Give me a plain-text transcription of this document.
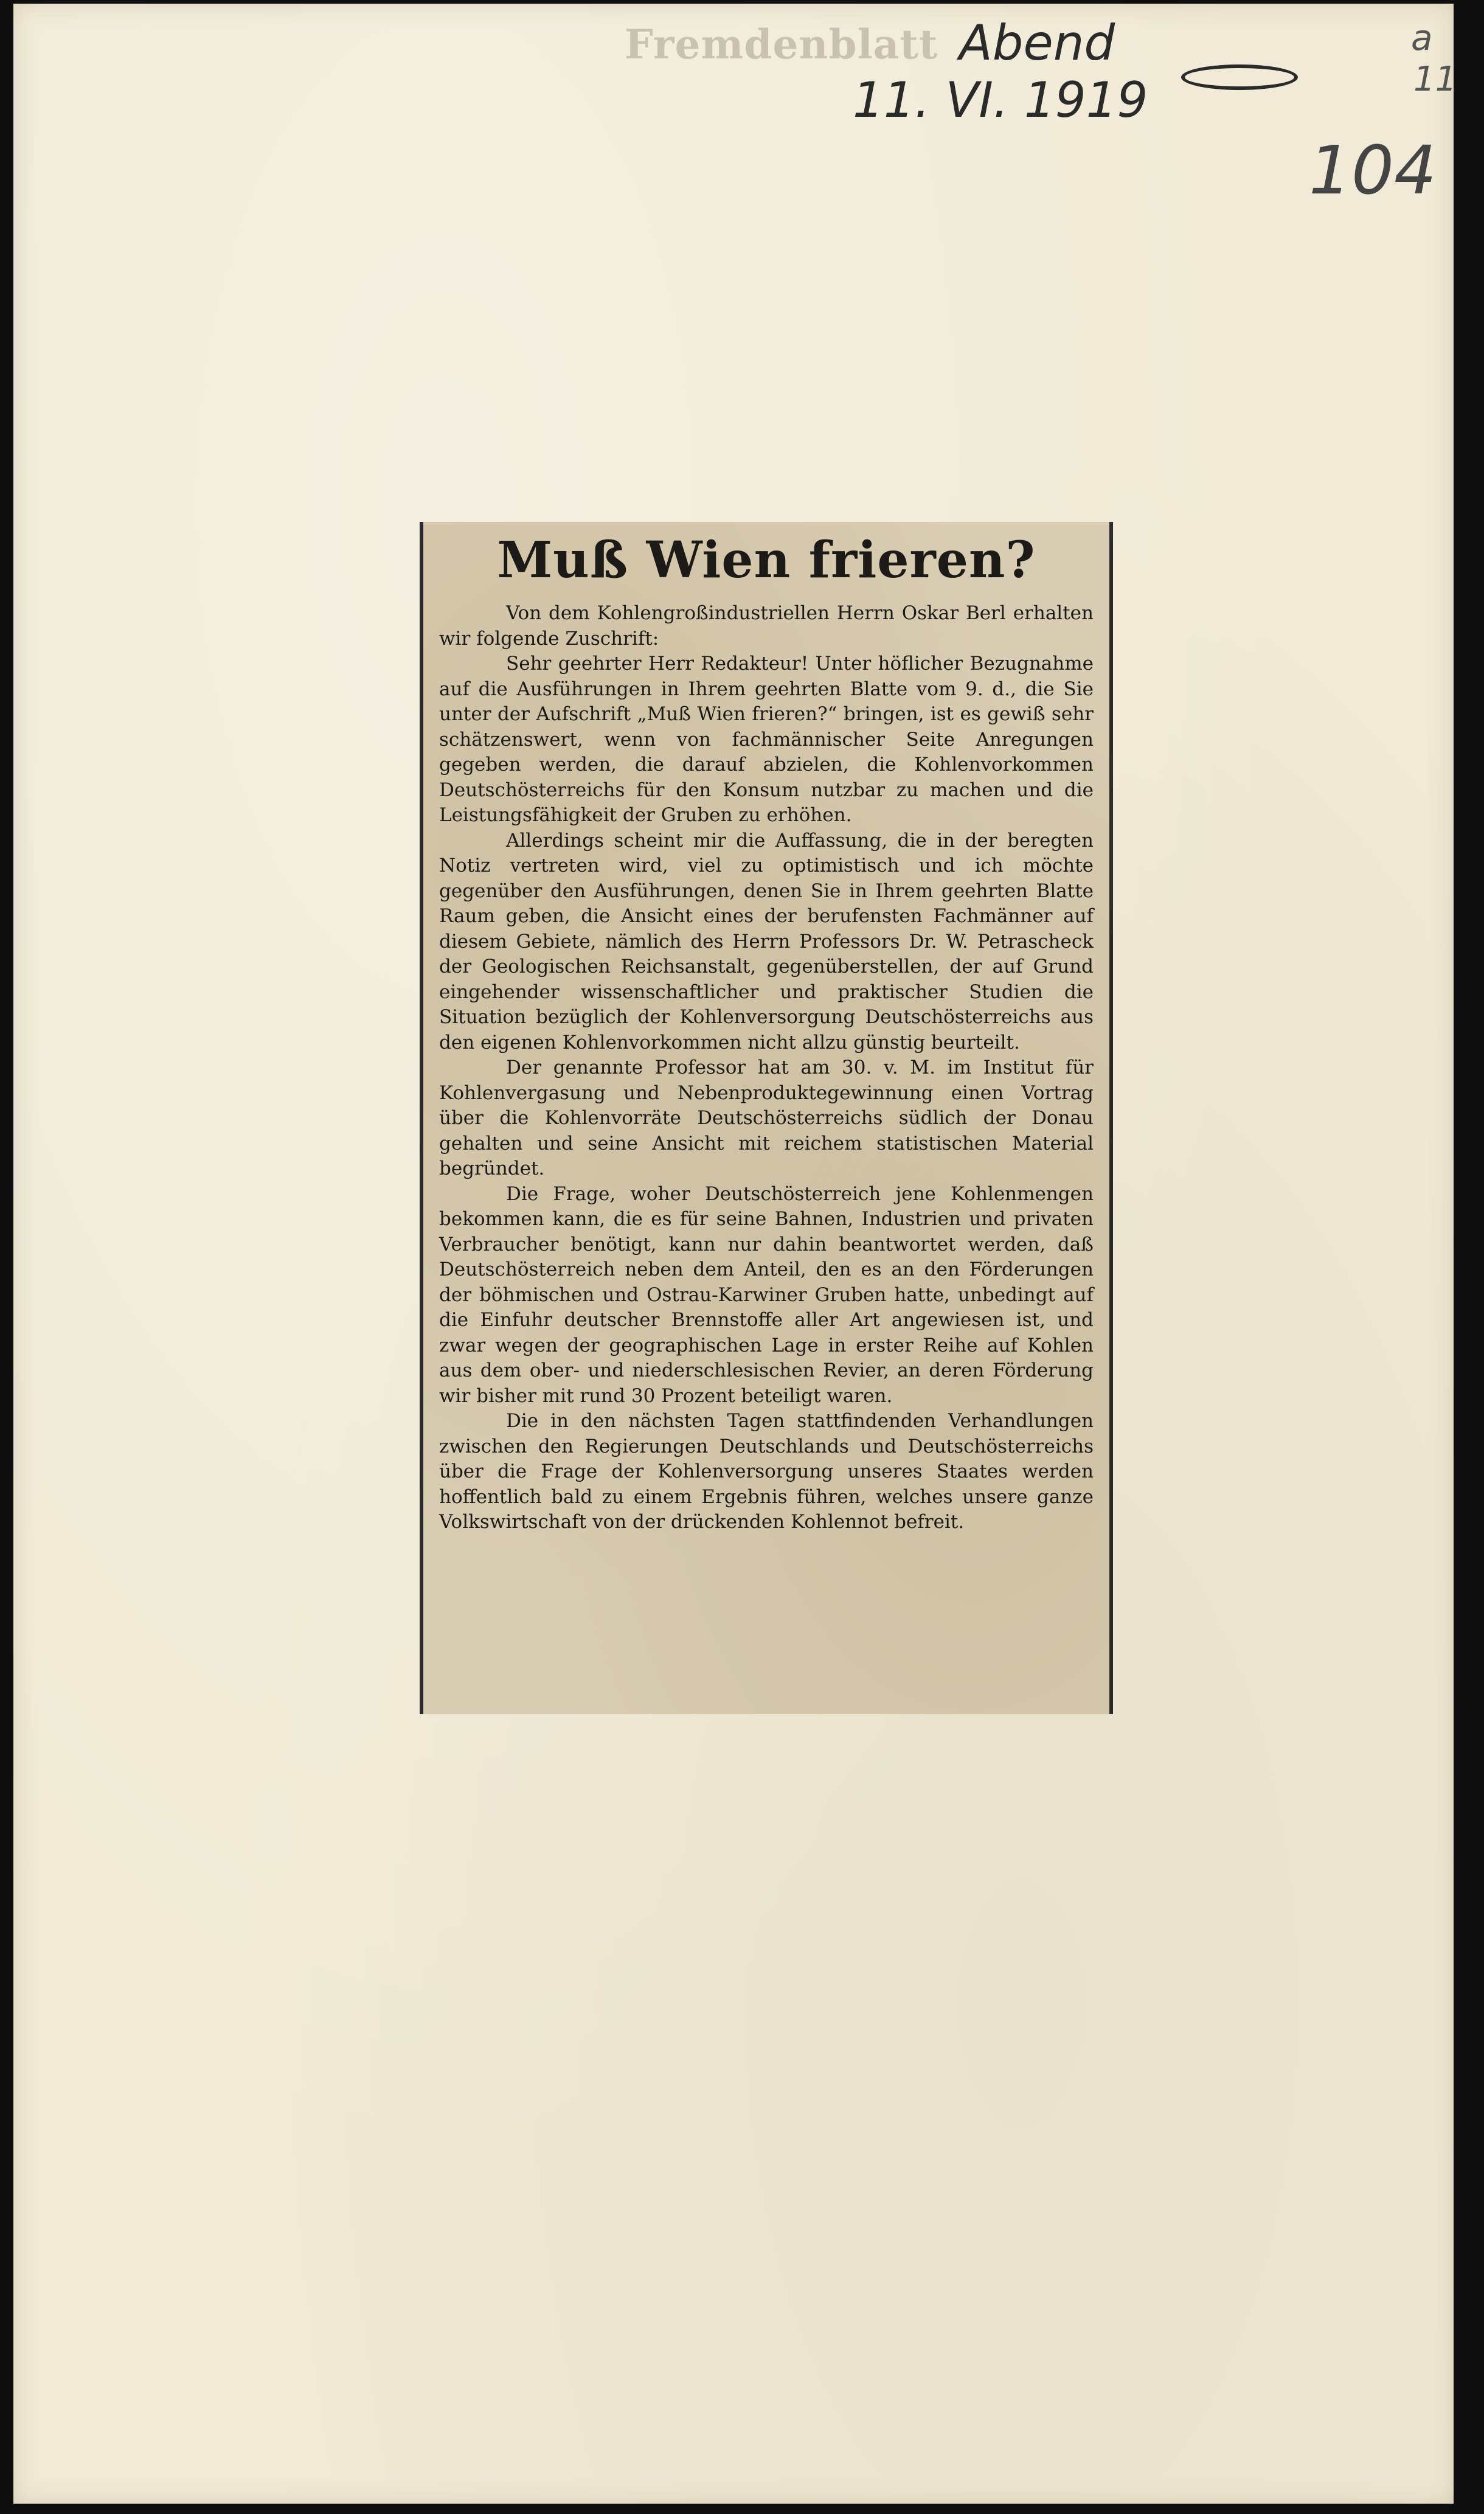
Fremdenblatt Abend
11. VI. 1919
a
11
104
Muß Wien frieren?

Von dem Kohlengroßindustriellen Herrn Oskar Berl erhalten wir folgende Zuschrift:

Sehr geehrter Herr Redakteur! Unter höflicher Bezugnahme auf die Ausführungen in Ihrem geehrten Blatte vom 9. d., die Sie unter der Aufschrift „Muß Wien frieren?“ bringen, ist es gewiß sehr schätzenswert, wenn von fachmännischer Seite Anregungen gegeben werden, die darauf abzielen, die Kohlenvorkommen Deutschösterreichs für den Konsum nutzbar zu machen und die Leistungsfähigkeit der Gruben zu erhöhen.

Allerdings scheint mir die Auffassung, die in der beregten Notiz vertreten wird, viel zu optimistisch und ich möchte gegenüber den Ausführungen, denen Sie in Ihrem geehrten Blatte Raum geben, die Ansicht eines der berufensten Fachmänner auf diesem Gebiete, nämlich des Herrn Professors Dr. W. Petrascheck der Geologischen Reichsanstalt, gegenüberstellen, der auf Grund eingehender wissenschaftlicher und praktischer Studien die Situation bezüglich der Kohlenversorgung Deutschösterreichs aus den eigenen Kohlenvorkommen nicht allzu günstig beurteilt.

Der genannte Professor hat am 30. v. M. im Institut für Kohlenvergasung und Nebenproduktegewinnung einen Vortrag über die Kohlenvorräte Deutschösterreichs südlich der Donau gehalten und seine Ansicht mit reichem statistischen Material begründet.

Die Frage, woher Deutschösterreich jene Kohlenmengen bekommen kann, die es für seine Bahnen, Industrien und privaten Verbraucher benötigt, kann nur dahin beantwortet werden, daß Deutschösterreich neben dem Anteil, den es an den Förderungen der böhmischen und Ostrau-Karwiner Gruben hatte, unbedingt auf die Einfuhr deutscher Brennstoffe aller Art angewiesen ist, und zwar wegen der geographischen Lage in erster Reihe auf Kohlen aus dem ober- und niederschlesischen Revier, an deren Förderung wir bisher mit rund 30 Prozent beteiligt waren.

Die in den nächsten Tagen stattfindenden Verhandlungen zwischen den Regierungen Deutschlands und Deutschösterreichs über die Frage der Kohlenversorgung unseres Staates werden hoffentlich bald zu einem Ergebnis führen, welches unsere ganze Volkswirtschaft von der drückenden Kohlennot befreit.
